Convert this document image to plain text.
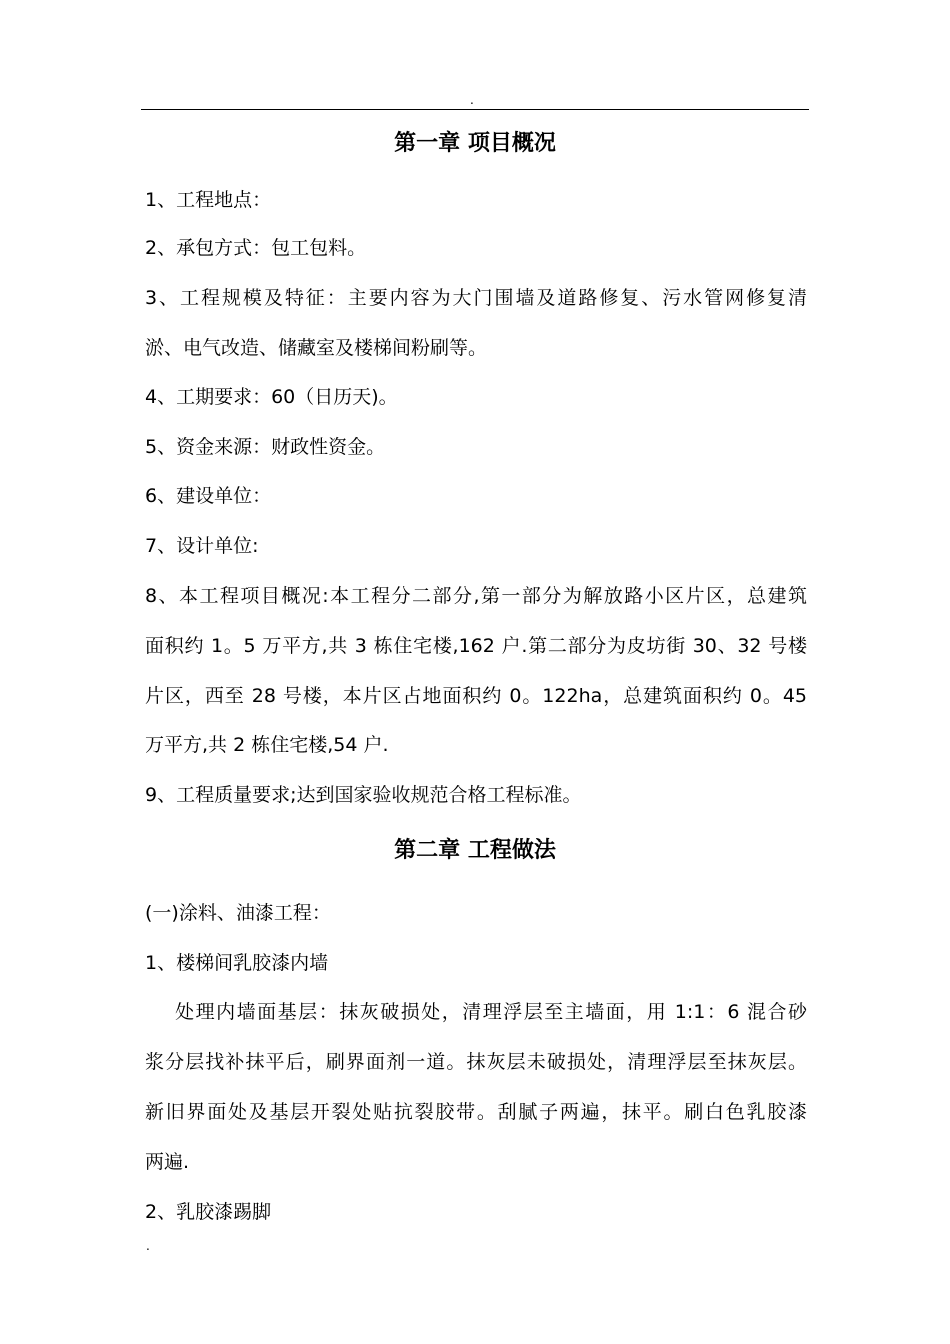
.
第一章 项目概况
1、工程地点：
2、承包方式：包工包料。
3、工程规模及特征：主要内容为大门围墙及道路修复、污水管网修复清
淤、电气改造、储藏室及楼梯间粉刷等。
4、工期要求：60（日历天)。
5、资金来源：财政性资金。
6、建设单位：
7、设计单位:
8、本工程项目概况:本工程分二部分,第一部分为解放路小区片区，总建筑
面积约 1。5 万平方,共 3 栋住宅楼,162 户.第二部分为皮坊街 30、32 号楼
片区，西至 28 号楼，本片区占地面积约 0。122ha，总建筑面积约 0。45
万平方,共 2 栋住宅楼,54 户.
9、工程质量要求;达到国家验收规范合格工程标准。
第二章 工程做法
(一)涂料、油漆工程：
1、楼梯间乳胶漆内墙
处理内墙面基层：抹灰破损处，清理浮层至主墙面，用 1:1：6 混合砂
浆分层找补抹平后，刷界面剂一道。抹灰层未破损处，清理浮层至抹灰层。
新旧界面处及基层开裂处贴抗裂胶带。刮腻子两遍，抹平。刷白色乳胶漆
两遍.
2、乳胶漆踢脚
.
